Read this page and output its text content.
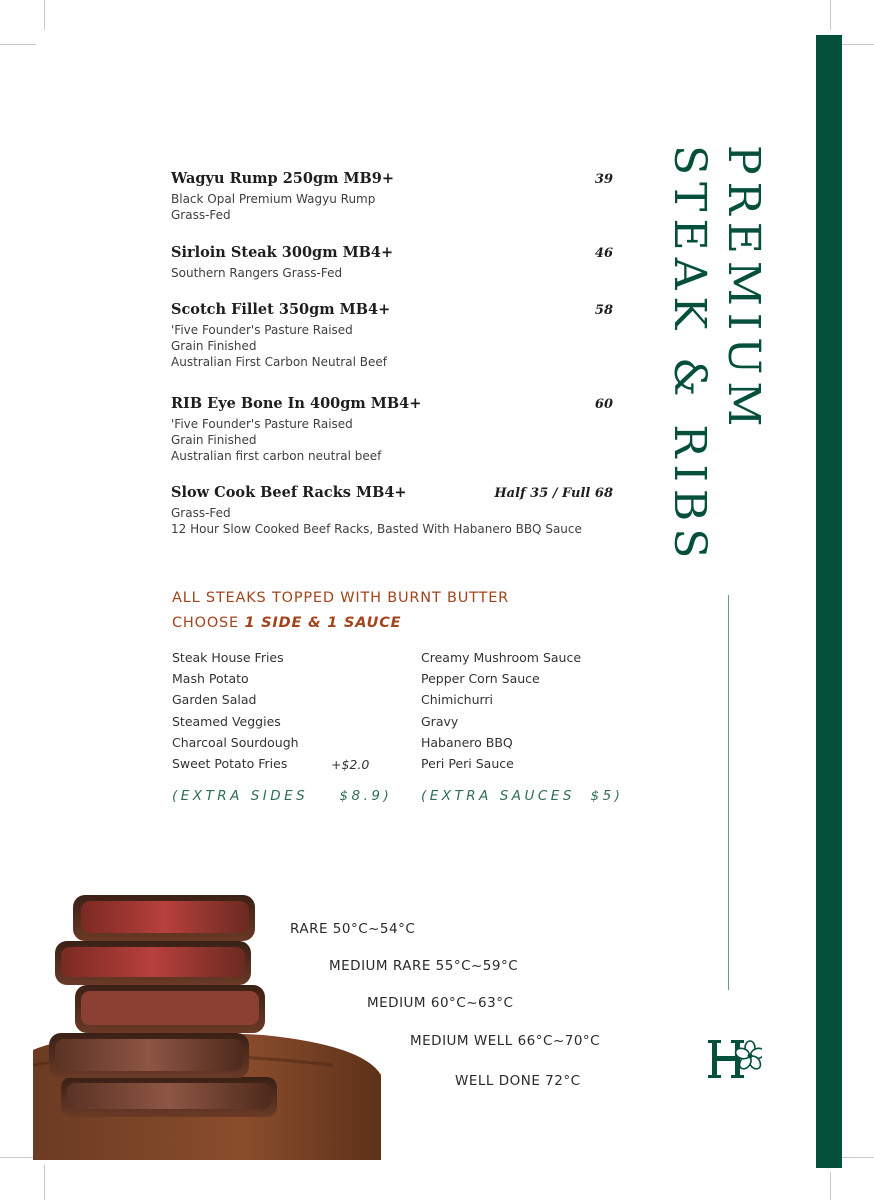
PREMIUM
STEAK & RIBS
Wagyu Rump 250gm MB9+	39
Black Opal Premium Wagyu Rump
Grass-Fed
Sirloin Steak 300gm MB4+	46
Southern Rangers Grass-Fed
Scotch Fillet 350gm MB4+	58
'Five Founder's Pasture Raised
Grain Finished
Australian First Carbon Neutral Beef
RIB Eye Bone In 400gm MB4+	60
'Five Founder's Pasture Raised
Grain Finished
Australian first carbon neutral beef
Slow Cook Beef Racks MB4+	Half 35 / Full 68
Grass-Fed
12 Hour Slow Cooked Beef Racks, Basted With Habanero BBQ Sauce
ALL STEAKS TOPPED WITH BURNT BUTTER
CHOOSE 1 SIDE & 1 SAUCE
Steak House Fries
Mash Potato
Garden Salad
Steamed Veggies
Charcoal Sourdough
Sweet Potato Fries	+$2.0
Creamy Mushroom Sauce
Pepper Corn Sauce
Chimichurri
Gravy
Habanero BBQ
Peri Peri Sauce
(EXTRA SIDES    $8.9) (EXTRA SAUCES  $5)
RARE 50°C~54°C
MEDIUM RARE 55°C~59°C
MEDIUM 60°C~63°C
MEDIUM WELL 66°C~70°C
WELL DONE 72°C
